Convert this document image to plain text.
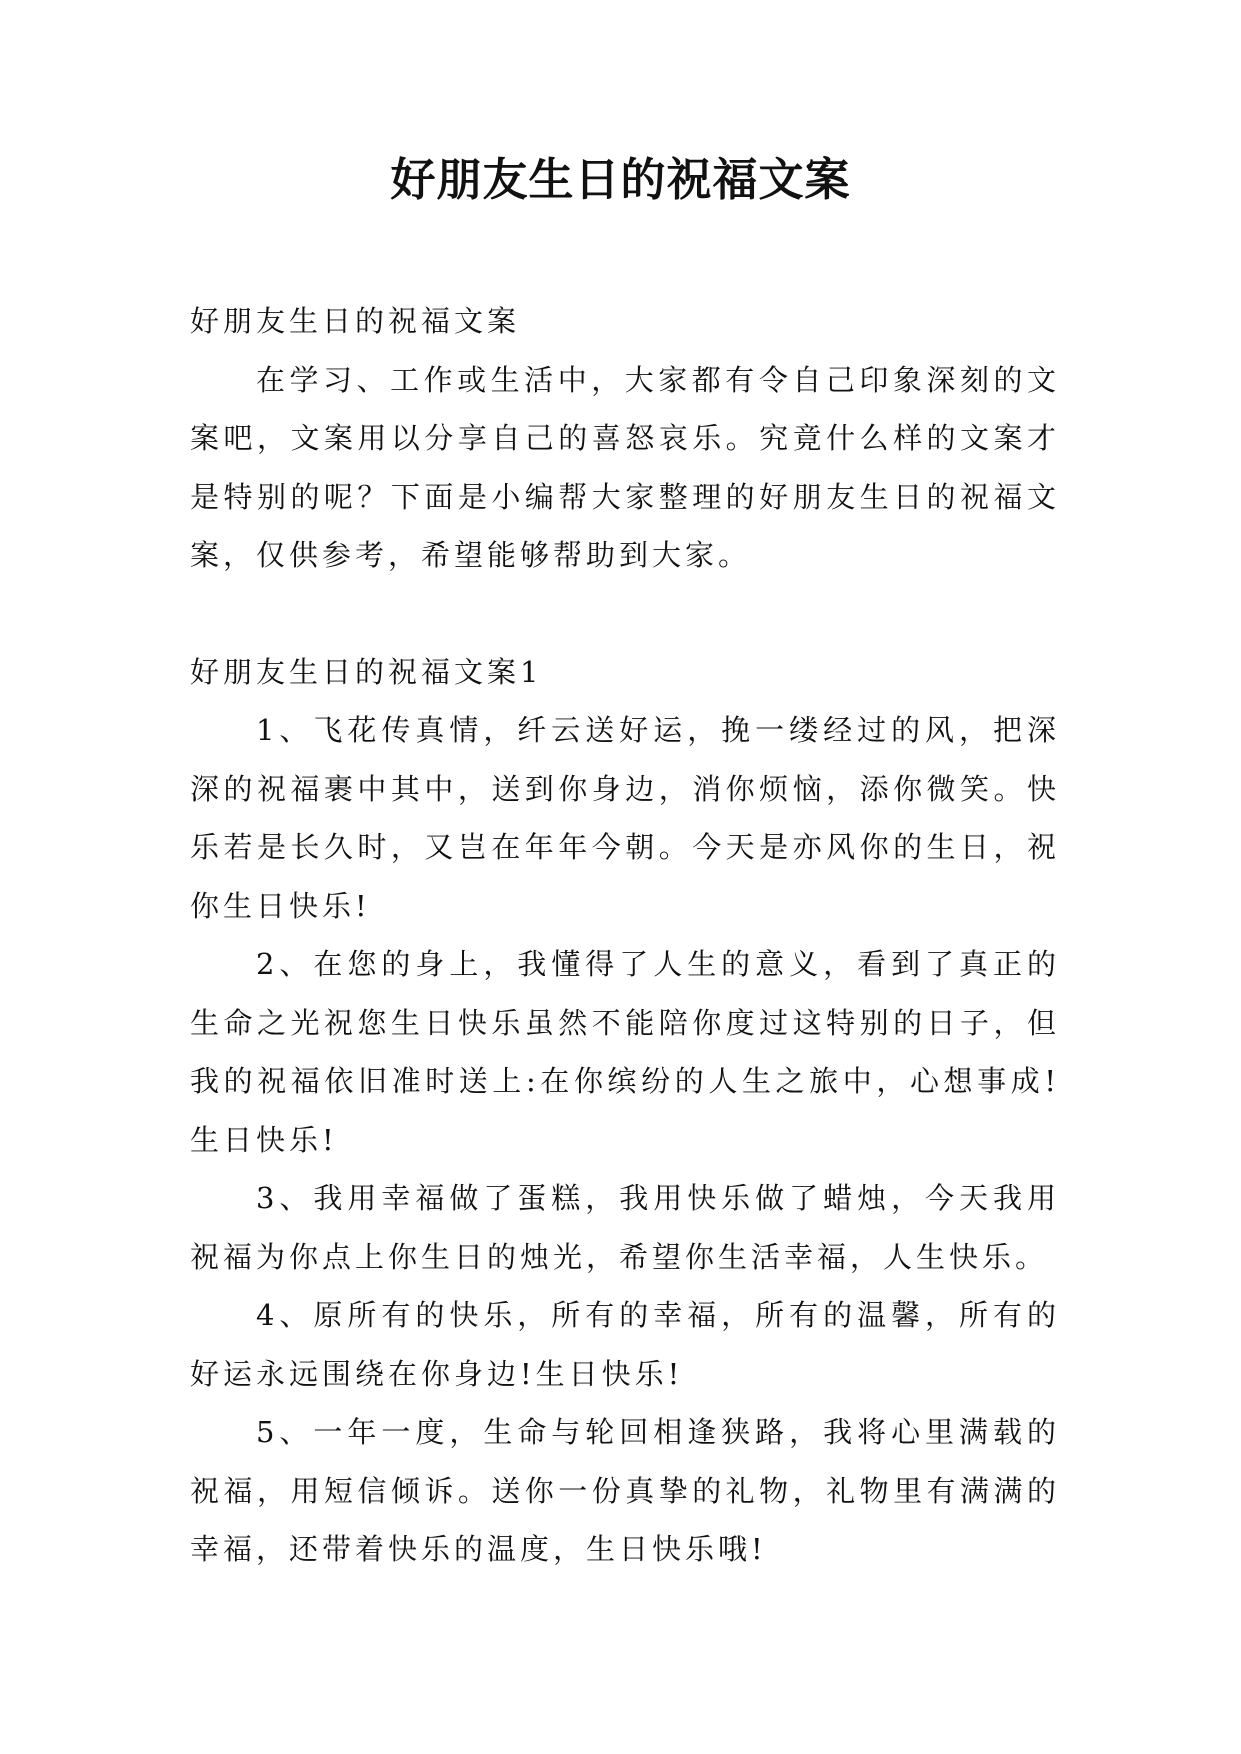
好朋友生日的祝福文案

好朋友生日的祝福文案

在学习、工作或生活中，大家都有令自己印象深刻的文案吧，文案用以分享自己的喜怒哀乐。究竟什么样的文案才是特别的呢？下面是小编帮大家整理的好朋友生日的祝福文案，仅供参考，希望能够帮助到大家。

好朋友生日的祝福文案1

1、飞花传真情，纤云送好运，挽一缕经过的风，把深深的祝福裹中其中，送到你身边，消你烦恼，添你微笑。快乐若是长久时，又岂在年年今朝。今天是亦风你的生日，祝你生日快乐!

2、在您的身上，我懂得了人生的意义，看到了真正的生命之光祝您生日快乐虽然不能陪你度过这特别的日子，但我的祝福依旧准时送上:在你缤纷的人生之旅中，心想事成!生日快乐!

3、我用幸福做了蛋糕，我用快乐做了蜡烛，今天我用祝福为你点上你生日的烛光，希望你生活幸福，人生快乐。

4、原所有的快乐，所有的幸福，所有的温馨，所有的好运永远围绕在你身边!生日快乐!

5、一年一度，生命与轮回相逢狭路，我将心里满载的祝福，用短信倾诉。送你一份真挚的礼物，礼物里有满满的幸福，还带着快乐的温度，生日快乐哦!
